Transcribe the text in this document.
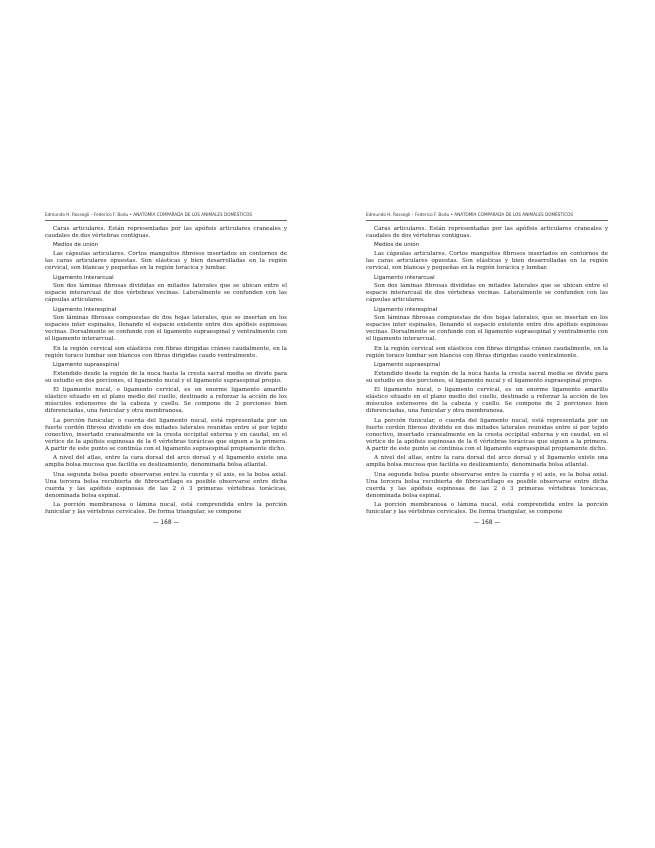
Edmundo H. Rossegli – Federico F. Bodu • ANATOMÍA COMPARADA DE LOS ANIMALES DOMÉSTICOS

Caras articulares. Están representadas por las apófisis articulares craneales y caudales de dos vértebras contiguas.

Medios de unión

Las cápsulas articulares. Cortos manguitos fibrosos insertados en contornos de las caras articulares opuestas. Son elásticas y bien desarrolladas en la región cervical, son blancas y pequeñas en la región torácica y lumbar.

Ligamento interarcual

Son dos láminas fibrosas divididas en mitades laterales que se ubican entre el espacio interarcual de dos vértebras vecinas. Lateralmente se confunden con las cápsulas articulares.

Ligamento interespinal

Son láminas fibrosas compuestas de dos hojas laterales, que se insertan en los espacios inter espinales, llenando el espacio existente entre dos apófisis espinosas vecinas. Dorsalmente se confunde con el ligamento supraespinal y ventralmente con el ligamento interarcual.

En la región cervical son elásticos con fibras dirigidas cráneo caudalmente, en la región toraco lumbar son blancos con fibras dirigidas caudo ventralmente.

Ligamento supraespinal

Extendido desde la región de la nuca hasta la cresta sacral media se divide para su estudio en dos porciones, el ligamento nucal y el ligamento supraespinal propio.

El ligamento nucal, o ligamento cervical, es un enorme ligamento amarillo elástico situado en el plano medio del cuello, destinado a reforzar la acción de los músculos extensores de la cabeza y cuello. Se compone de 2 porciones bien diferenciadas, una funicular y otra membranosa.

La porción funicular, o cuerda del ligamento nucal, está representada por un fuerte cordón fibroso dividido en dos mitades laterales reunidas entre sí por tejido conectivo, insertado cranealmente en la cresta occipital externa y en caudal, en el vértice de la apófisis espinosas de la 6 vértebras torácicas que siguen a la primera. A partir de este punto se continúa con el ligamento supraespinal propiamente dicho.

A nivel del atlas, entre la cara dorsal del arco dorsal y el ligamento existe una amplia bolsa mucosa que facilita su deslizamiento, denominada bolsa atlantal.

Una segunda bolsa puede observarse entre la cuerda y el axis, es la bolsa axial. Una tercera bolsa recubierta de fibrocartílago es posible observarse entre dicha cuerda y las apófisis espinosas de las 2 ó 3 primeras vértebras torácicas, denominada bolsa espinal.

La porción membranosa o lámina nucal, está comprendida entre la porción funicular y las vértebras cervicales. De forma triangular, se compone

— 168 —
Edmundo H. Rossegli – Federico F. Bodu • ANATOMÍA COMPARADA DE LOS ANIMALES DOMÉSTICOS

Caras articulares. Están representadas por las apófisis articulares craneales y caudales de dos vértebras contiguas.

Medios de unión

Las cápsulas articulares. Cortos manguitos fibrosos insertados en contornos de las caras articulares opuestas. Son elásticas y bien desarrolladas en la región cervical, son blancas y pequeñas en la región torácica y lumbar.

Ligamento interarcual

Son dos láminas fibrosas divididas en mitades laterales que se ubican entre el espacio interarcual de dos vértebras vecinas. Lateralmente se confunden con las cápsulas articulares.

Ligamento interespinal

Son láminas fibrosas compuestas de dos hojas laterales, que se insertan en los espacios inter espinales, llenando el espacio existente entre dos apófisis espinosas vecinas. Dorsalmente se confunde con el ligamento supraespinal y ventralmente con el ligamento interarcual.

En la región cervical son elásticos con fibras dirigidas cráneo caudalmente, en la región toraco lumbar son blancos con fibras dirigidas caudo ventralmente.

Ligamento supraespinal

Extendido desde la región de la nuca hasta la cresta sacral media se divide para su estudio en dos porciones, el ligamento nucal y el ligamento supraespinal propio.

El ligamento nucal, o ligamento cervical, es un enorme ligamento amarillo elástico situado en el plano medio del cuello, destinado a reforzar la acción de los músculos extensores de la cabeza y cuello. Se compone de 2 porciones bien diferenciadas, una funicular y otra membranosa.

La porción funicular, o cuerda del ligamento nucal, está representada por un fuerte cordón fibroso dividido en dos mitades laterales reunidas entre sí por tejido conectivo, insertado cranealmente en la cresta occipital externa y en caudal, en el vértice de la apófisis espinosas de la 6 vértebras torácicas que siguen a la primera. A partir de este punto se continúa con el ligamento supraespinal propiamente dicho.

A nivel del atlas, entre la cara dorsal del arco dorsal y el ligamento existe una amplia bolsa mucosa que facilita su deslizamiento, denominada bolsa atlantal.

Una segunda bolsa puede observarse entre la cuerda y el axis, es la bolsa axial. Una tercera bolsa recubierta de fibrocartílago es posible observarse entre dicha cuerda y las apófisis espinosas de las 2 ó 3 primeras vértebras torácicas, denominada bolsa espinal.

La porción membranosa o lámina nucal, está comprendida entre la porción funicular y las vértebras cervicales. De forma triangular, se compone

— 168 —
